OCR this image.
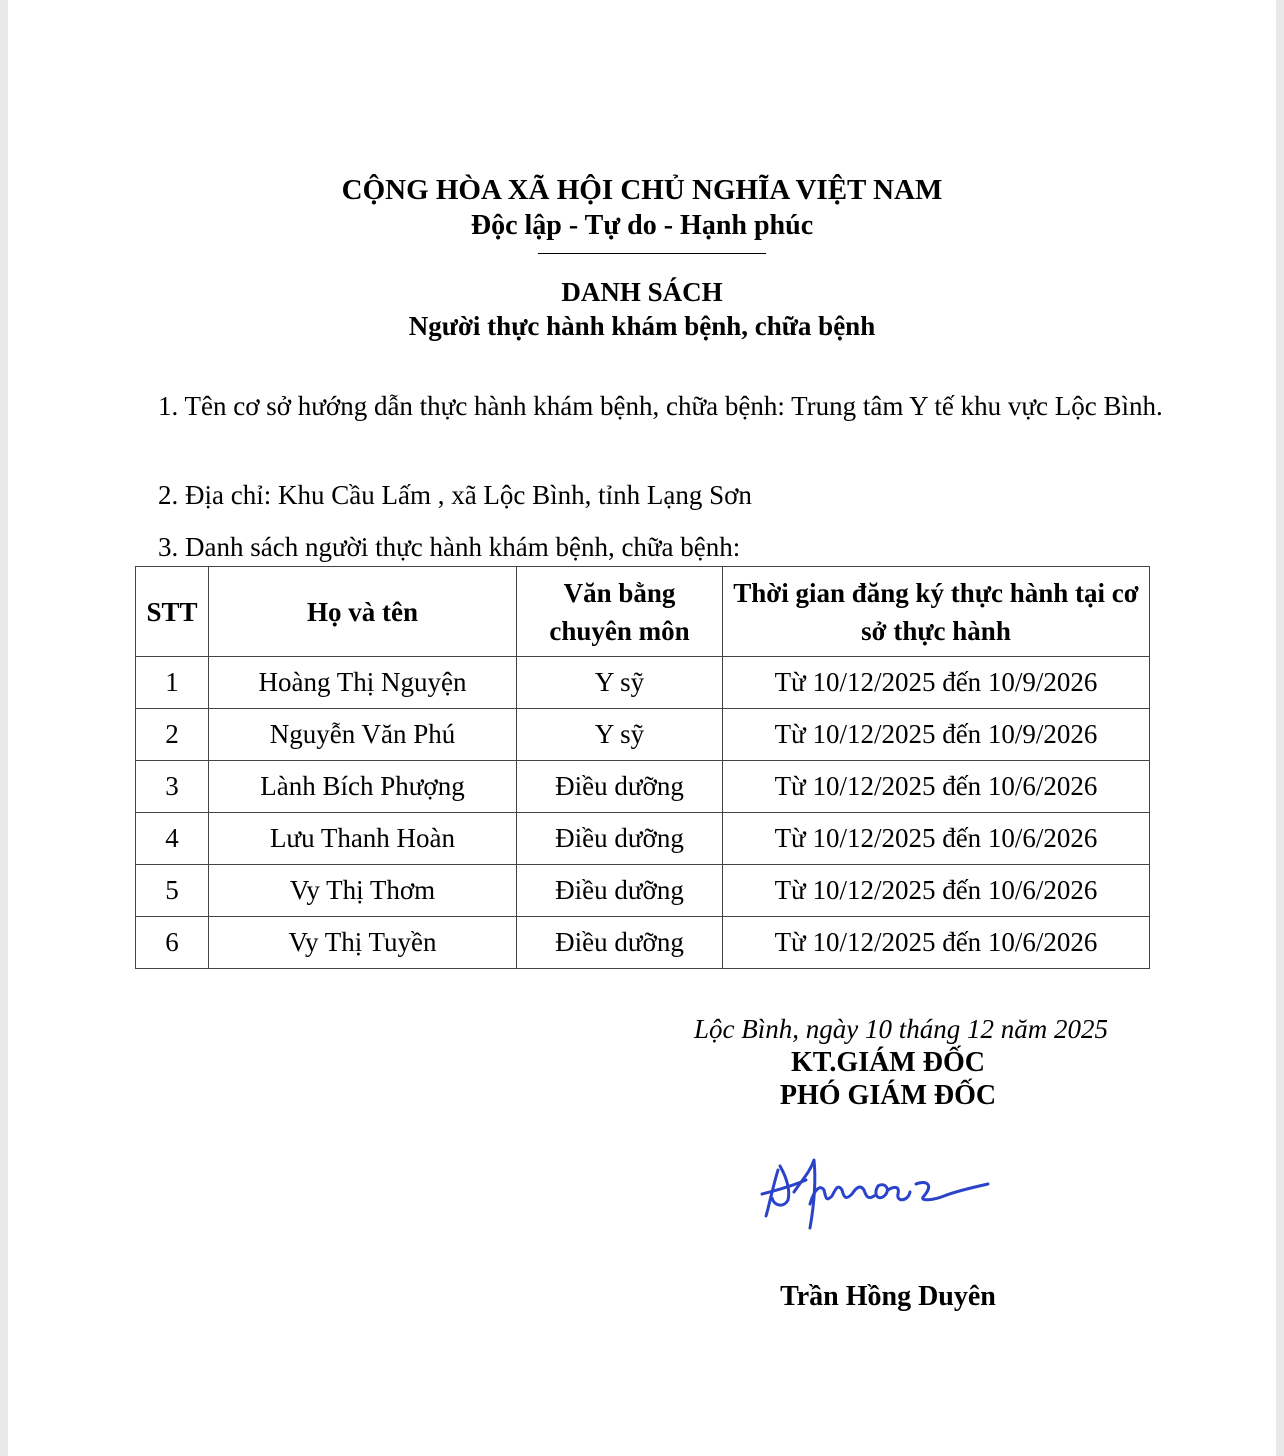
CỘNG HÒA XÃ HỘI CHỦ NGHĨA VIỆT NAM
Độc lập - Tự do - Hạnh phúc
DANH SÁCH
Người thực hành khám bệnh, chữa bệnh
1. Tên cơ sở hướng dẫn thực hành khám bệnh, chữa bệnh: Trung tâm Y tế khu vực Lộc Bình.
2. Địa chỉ: Khu Cầu Lấm , xã Lộc Bình, tỉnh Lạng Sơn
3. Danh sách người thực hành khám bệnh, chữa bệnh:
STT	Họ và tên	Văn bằng chuyên môn	Thời gian đăng ký thực hành tại cơ sở thực hành
1	Hoàng Thị Nguyện	Y sỹ	Từ 10/12/2025 đến 10/9/2026
2	Nguyễn Văn Phú	Y sỹ	Từ 10/12/2025 đến 10/9/2026
3	Lành Bích Phượng	Điều dưỡng	Từ 10/12/2025 đến 10/6/2026
4	Lưu Thanh Hoàn	Điều dưỡng	Từ 10/12/2025 đến 10/6/2026
5	Vy Thị Thơm	Điều dưỡng	Từ 10/12/2025 đến 10/6/2026
6	Vy Thị Tuyền	Điều dưỡng	Từ 10/12/2025 đến 10/6/2026
Lộc Bình, ngày 10 tháng 12 năm 2025
KT.GIÁM ĐỐC
PHÓ GIÁM ĐỐC
Trần Hồng Duyên
